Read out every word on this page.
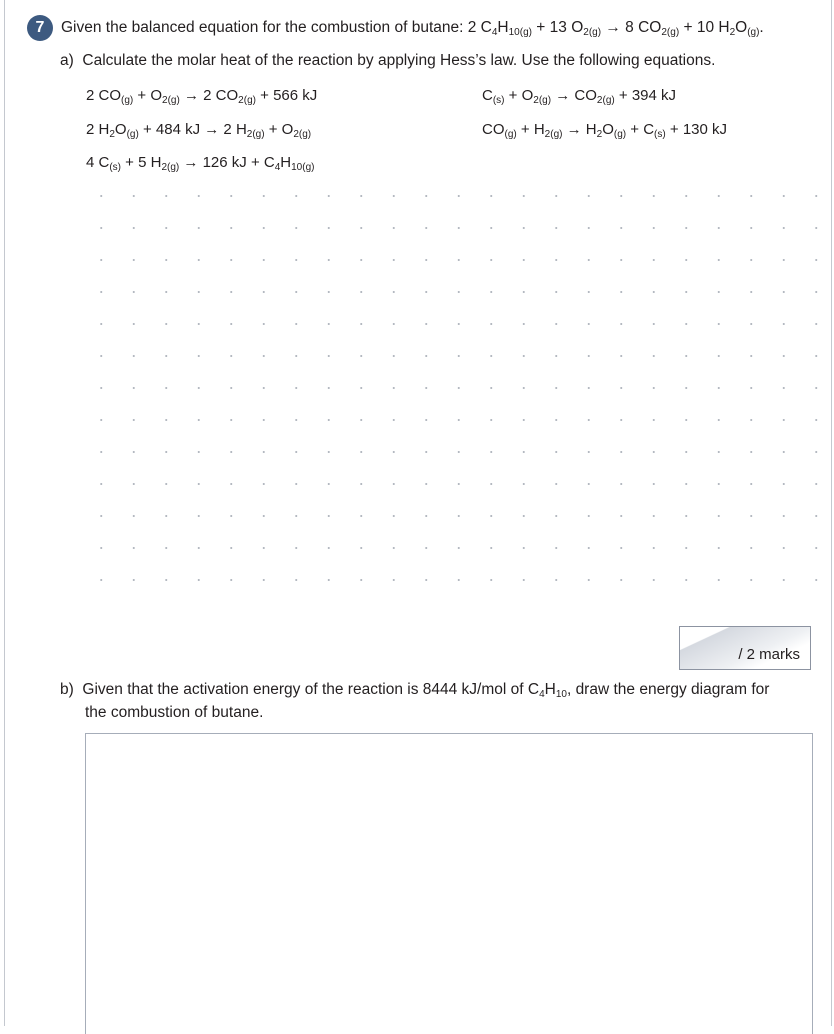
7	Given the balanced equation for the combustion of butane: 2 $C_4H_{10(g)} + 13$ $O_{2(g)} \to 8$ $CO_{2(g)} + 10$ $H_2O_{(g)}$.
a) Calculate the molar heat of the reaction by applying Hess’s law. Use the following equations.
2 $CO_{(g)} + O_{2(g)} \to 2$ $CO_{2(g)} + 566$ kJ	$C_{(s)} + O_{2(g)} \to CO_{2(g)} + 394$ kJ
2 $H_2O_{(g)} + 484$ kJ → 2 $H_{2(g)} + O_{2(g)}$	$CO_{(g)} + H_{2(g)} \to H_2O_{(g)} + C_{(s)} + 130$ kJ
4 $C_{(s)} + 5$ $H_{2(g)} \to 126$ kJ + $C_4H_{10(g)}$
/ 2 marks
b) Given that the activation energy of the reaction is 8444 kJ/mol of $C_4H_{10}$, draw the energy diagram for
the combustion of butane.
